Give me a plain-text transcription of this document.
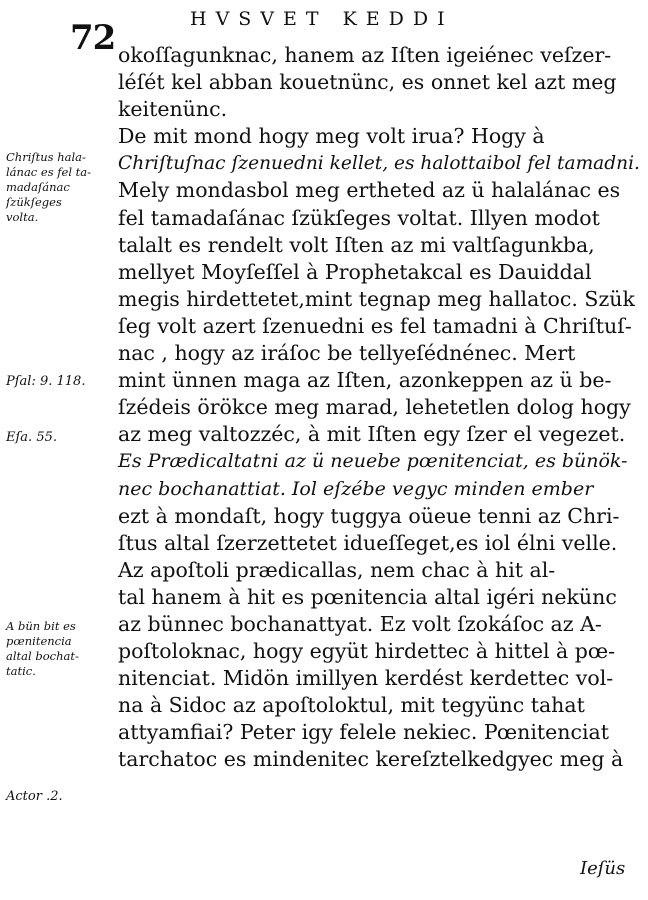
72	HVSVET KEDDI
okoſſagunknac, hanem az Iſten igeiénec veſzer-
léſét kel abban kouetnünc, es onnet kel azt meg
keitenünc.
De mit mond hogy meg volt irua? Hogy à
Chriſtuſnac ſzenuedni kellet, es halottaibol fel tamadni.
Mely mondasbol meg ertheted az ü halalánac es
fel tamadaſánac ſzükſeges voltat. Illyen modot
talalt es rendelt volt Iſten az mi valtſagunkba,
mellyet Moyſeſſel à Prophetakcal es Dauiddal
megis hirdettetet,mint tegnap meg hallatoc. Szük
ſeg volt azert ſzenuedni es fel tamadni à Chriſtuſ-
nac , hogy az iráſoc be tellyeſédnénec. Mert
mint ünnen maga az Iſten, azonkeppen az ü be-
ſzédeis örökce meg marad, lehetetlen dolog hogy
az meg valtozzéc, à mit Iſten egy ſzer el vegezet.
Es Prædicaltatni az ü neuebe pœnitenciat, es bünök-
nec bochanattiat. Iol eſzébe vegyc minden ember
ezt à mondaſt, hogy tuggya oüeue tenni az Chri-
ſtus altal ſzerzettetet idueſſeget,es iol élni velle.
Az apoſtoli prædicallas, nem chac à hit al-
tal hanem à hit es pœnitencia altal igéri nekünc
az bünnec bochanattyat. Ez volt ſzokáſoc az A-
poſtoloknac, hogy együt hirdettec à hittel à pœ-
nitenciat. Midön imillyen kerdést kerdettec vol-
na à Sidoc az apoſtoloktul, mit tegyünc tahat
attyamfiai? Peter igy felele nekiec. Pœnitenciat
tarchatoc es mindenitec kereſztelkedgyec meg à
Chriſtus hala-
lánac es fel ta-
madaſánac
ſzükſeges
volta.
Pſal: 9. 118.
Eſa. 55.
A bün bit es
pœnitencia
altal bochat-
tatic.
Actor .2.
Ieſüs
